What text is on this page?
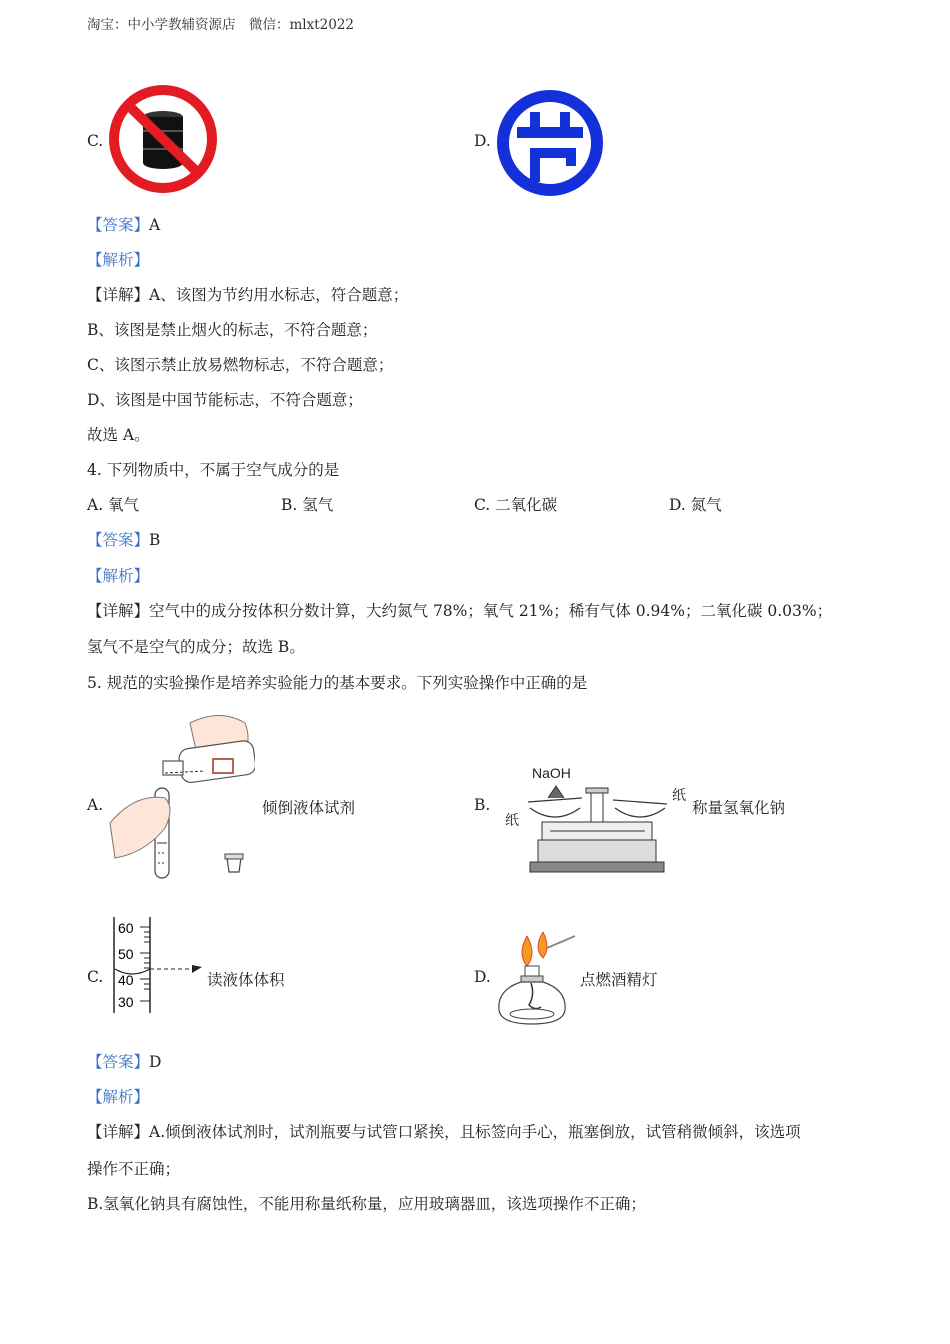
淘宝：中小学教辅资源店　微信：mlxt2022
C.	D.
【答案】A
【解析】
【详解】A、该图为节约用水标志，符合题意；
B、该图是禁止烟火的标志，不符合题意；
C、该图示禁止放易燃物标志，不符合题意；
D、该图是中国节能标志，不符合题意；
故选 A。
4. 下列物质中，不属于空气成分的是
A. 氧气	B. 氢气	C. 二氧化碳	D. 氮气
【答案】B
【解析】
【详解】空气中的成分按体积分数计算，大约氮气 78%；氧气 21%；稀有气体 0.94%；二氧化碳 0.03%；
氢气不是空气的成分；故选 B。
5. 规范的实验操作是培养实验能力的基本要求。下列实验操作中正确的是
A.	倾倒液体试剂	B.
NaOH
纸
纸
称量氢氧化钠
C.
60
50
40
30
读液体体积	D.	点燃酒精灯
【答案】D
【解析】
【详解】A.倾倒液体试剂时，试剂瓶要与试管口紧挨，且标签向手心，瓶塞倒放，试管稍微倾斜，该选项
操作不正确；
B.氢氧化钠具有腐蚀性，不能用称量纸称量，应用玻璃器皿，该选项操作不正确；
